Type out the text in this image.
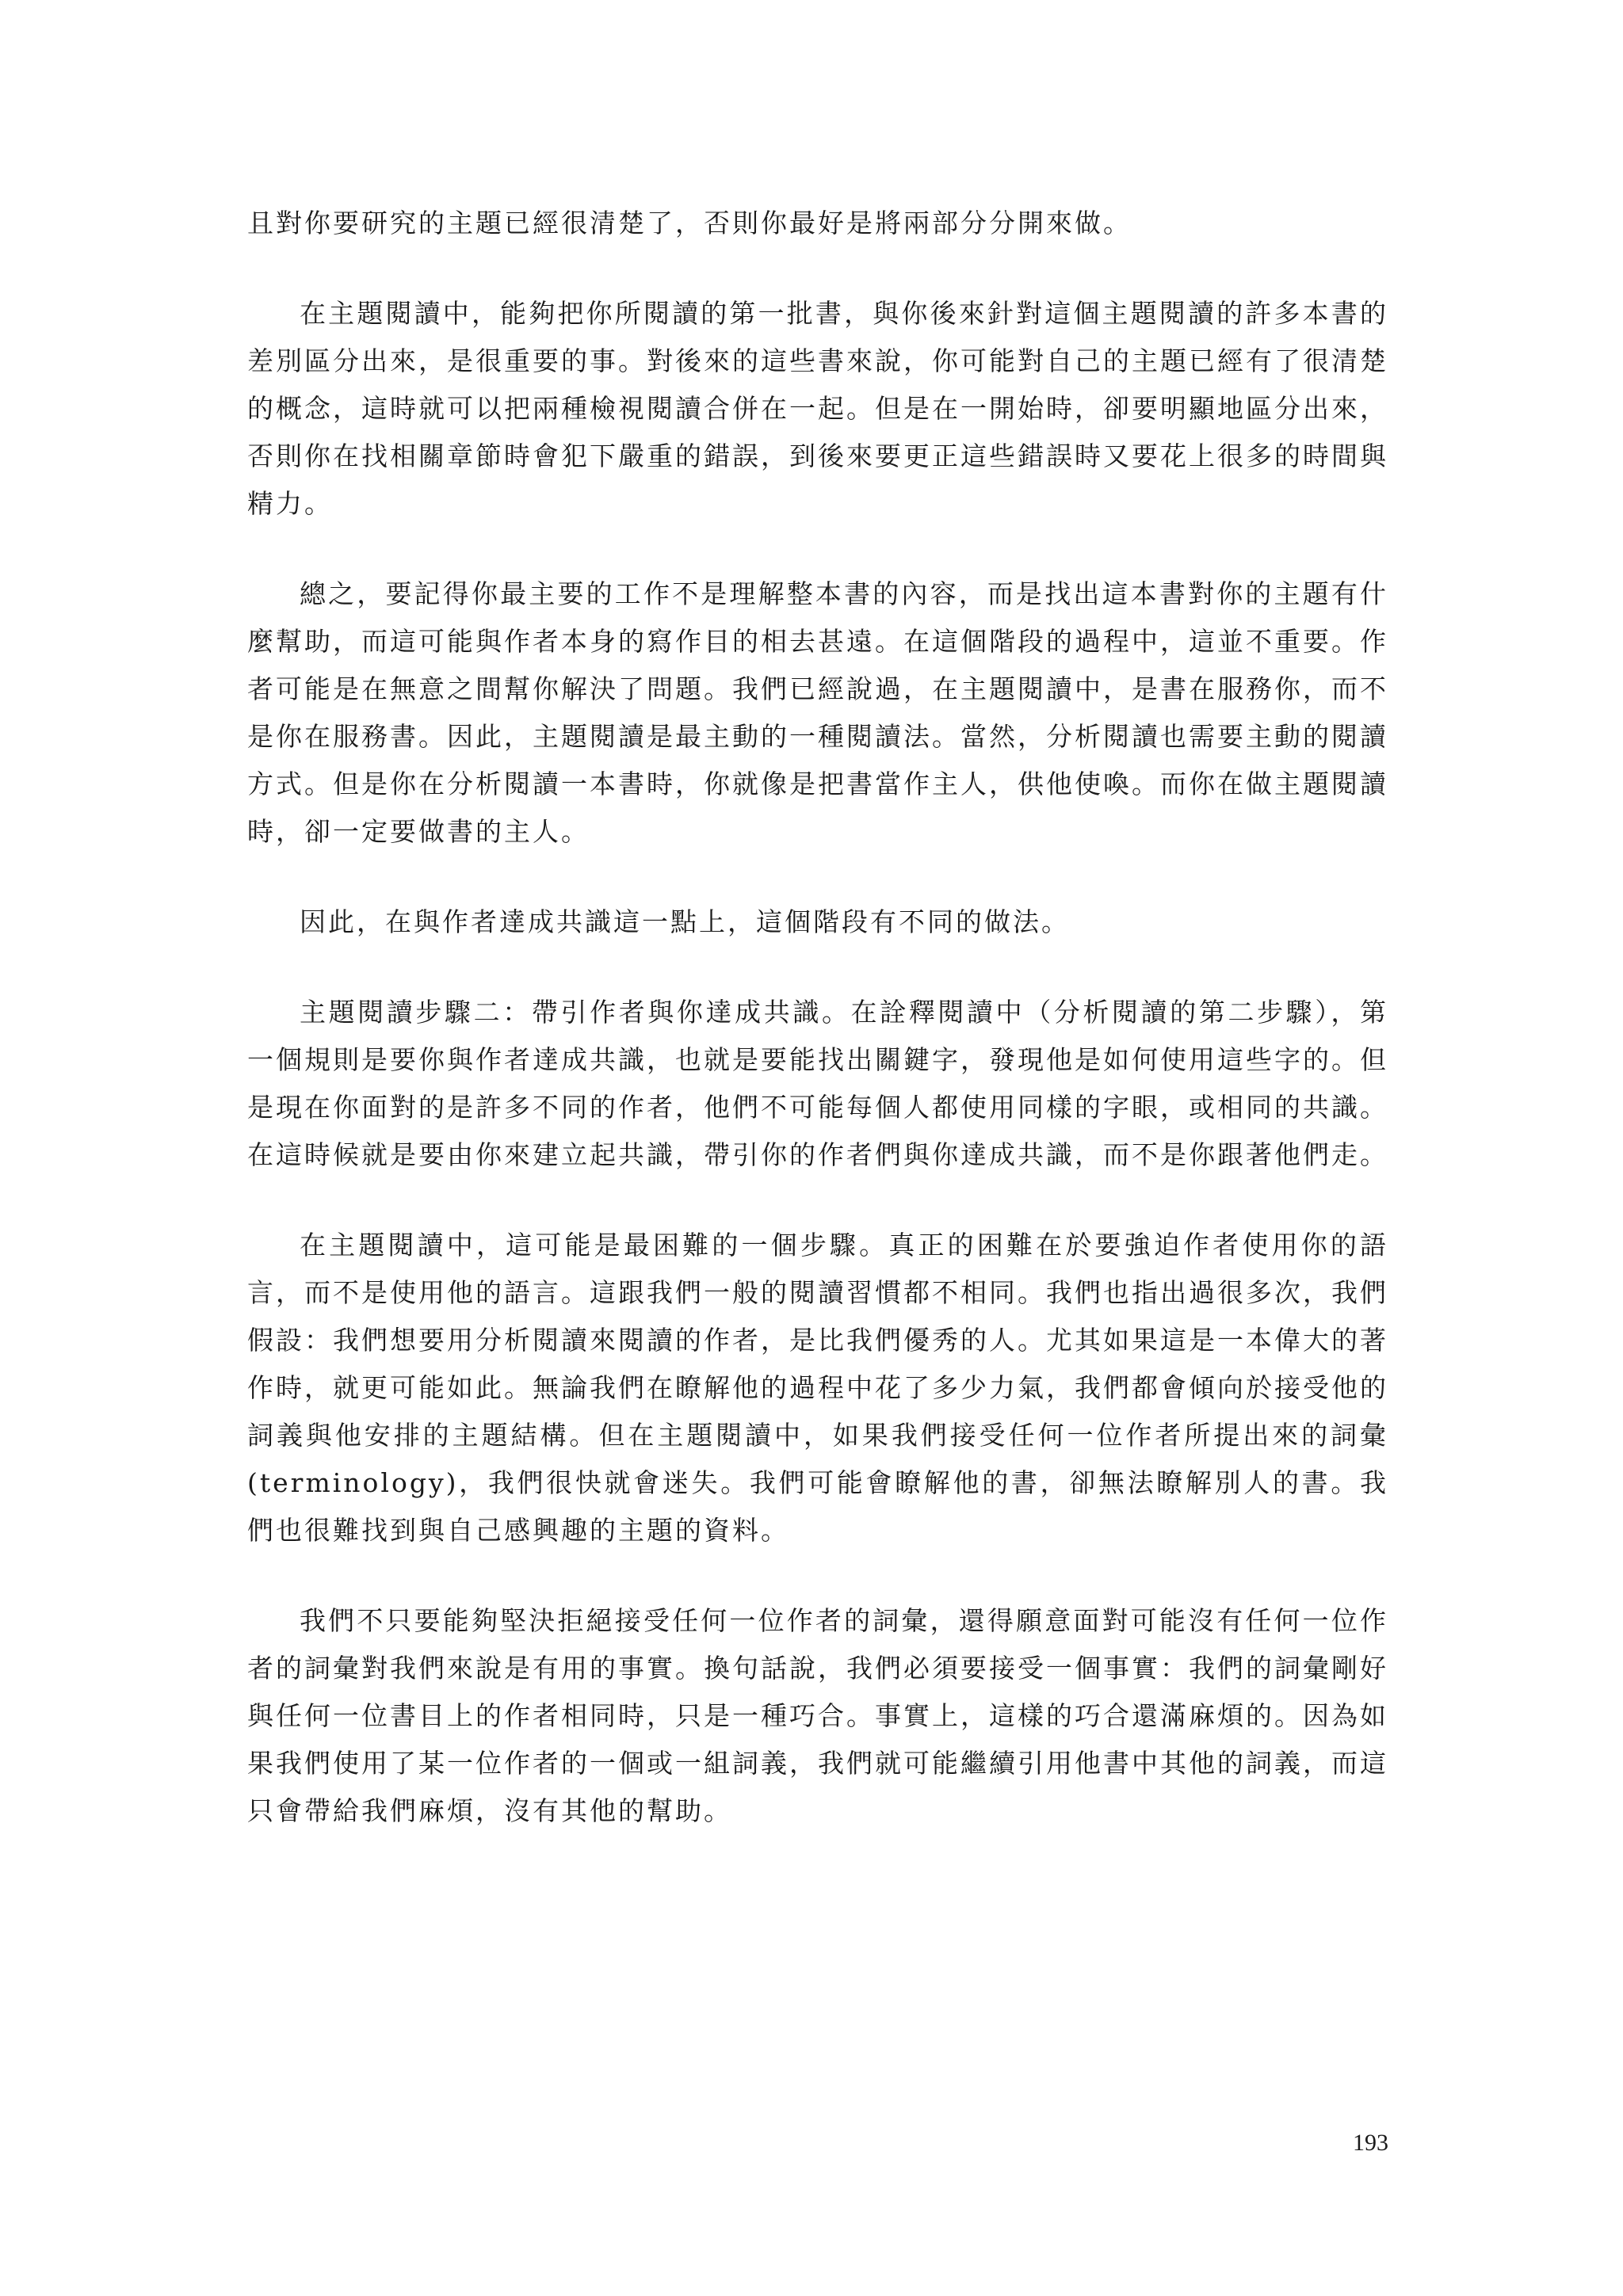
且對你要研究的主題已經很清楚了，否則你最好是將兩部分分開來做。

在主題閱讀中，能夠把你所閱讀的第一批書，與你後來針對這個主題閱讀的許多本書的差別區分出來，是很重要的事。對後來的這些書來說，你可能對自己的主題已經有了很清楚的概念，這時就可以把兩種檢視閱讀合併在一起。但是在一開始時，卻要明顯地區分出來，否則你在找相關章節時會犯下嚴重的錯誤，到後來要更正這些錯誤時又要花上很多的時間與精力。

總之，要記得你最主要的工作不是理解整本書的內容，而是找出這本書對你的主題有什麼幫助，而這可能與作者本身的寫作目的相去甚遠。在這個階段的過程中，這並不重要。作者可能是在無意之間幫你解決了問題。我們已經說過，在主題閱讀中，是書在服務你，而不是你在服務書。因此，主題閱讀是最主動的一種閱讀法。當然，分析閱讀也需要主動的閱讀方式。但是你在分析閱讀一本書時，你就像是把書當作主人，供他使喚。而你在做主題閱讀時，卻一定要做書的主人。

因此，在與作者達成共識這一點上，這個階段有不同的做法。

主題閱讀步驟二：帶引作者與你達成共識。在詮釋閱讀中（分析閱讀的第二步驟），第一個規則是要你與作者達成共識，也就是要能找出關鍵字，發現他是如何使用這些字的。但是現在你面對的是許多不同的作者，他們不可能每個人都使用同樣的字眼，或相同的共識。在這時候就是要由你來建立起共識，帶引你的作者們與你達成共識，而不是你跟著他們走。

在主題閱讀中，這可能是最困難的一個步驟。真正的困難在於要強迫作者使用你的語言，而不是使用他的語言。這跟我們一般的閱讀習慣都不相同。我們也指出過很多次，我們假設：我們想要用分析閱讀來閱讀的作者，是比我們優秀的人。尤其如果這是一本偉大的著作時，就更可能如此。無論我們在瞭解他的過程中花了多少力氣，我們都會傾向於接受他的詞義與他安排的主題結構。但在主題閱讀中，如果我們接受任何一位作者所提出來的詞彙(terminology)，我們很快就會迷失。我們可能會瞭解他的書，卻無法瞭解別人的書。我們也很難找到與自己感興趣的主題的資料。

我們不只要能夠堅決拒絕接受任何一位作者的詞彙，還得願意面對可能沒有任何一位作者的詞彙對我們來說是有用的事實。換句話說，我們必須要接受一個事實：我們的詞彙剛好與任何一位書目上的作者相同時，只是一種巧合。事實上，這樣的巧合還滿麻煩的。因為如果我們使用了某一位作者的一個或一組詞義，我們就可能繼續引用他書中其他的詞義，而這只會帶給我們麻煩，沒有其他的幫助。

193
